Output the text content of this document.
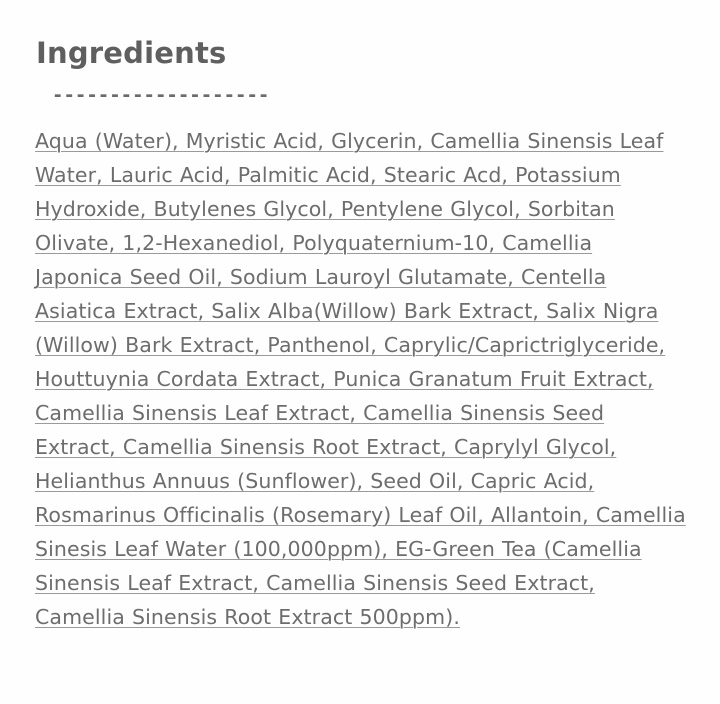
Ingredients
-------------------

Aqua (Water), Myristic Acid, Glycerin, Camellia Sinensis Leaf Water, Lauric Acid, Palmitic Acid, Stearic Acd, Potassium Hydroxide, Butylenes Glycol, Pentylene Glycol, Sorbitan Olivate, 1,2-Hexanediol, Polyquaternium-10, Camellia Japonica Seed Oil, Sodium Lauroyl Glutamate, Centella Asiatica Extract, Salix Alba(Willow) Bark Extract, Salix Nigra (Willow) Bark Extract, Panthenol, Caprylic/Caprictriglyceride, Houttuynia Cordata Extract, Punica Granatum Fruit Extract, Camellia Sinensis Leaf Extract, Camellia Sinensis Seed Extract, Camellia Sinensis Root Extract, Caprylyl Glycol, Helianthus Annuus (Sunflower), Seed Oil, Capric Acid, Rosmarinus Officinalis (Rosemary) Leaf Oil, Allantoin, Camellia Sinesis Leaf Water (100,000ppm), EG-Green Tea (Camellia Sinensis Leaf Extract, Camellia Sinensis Seed Extract, Camellia Sinensis Root Extract 500ppm).
